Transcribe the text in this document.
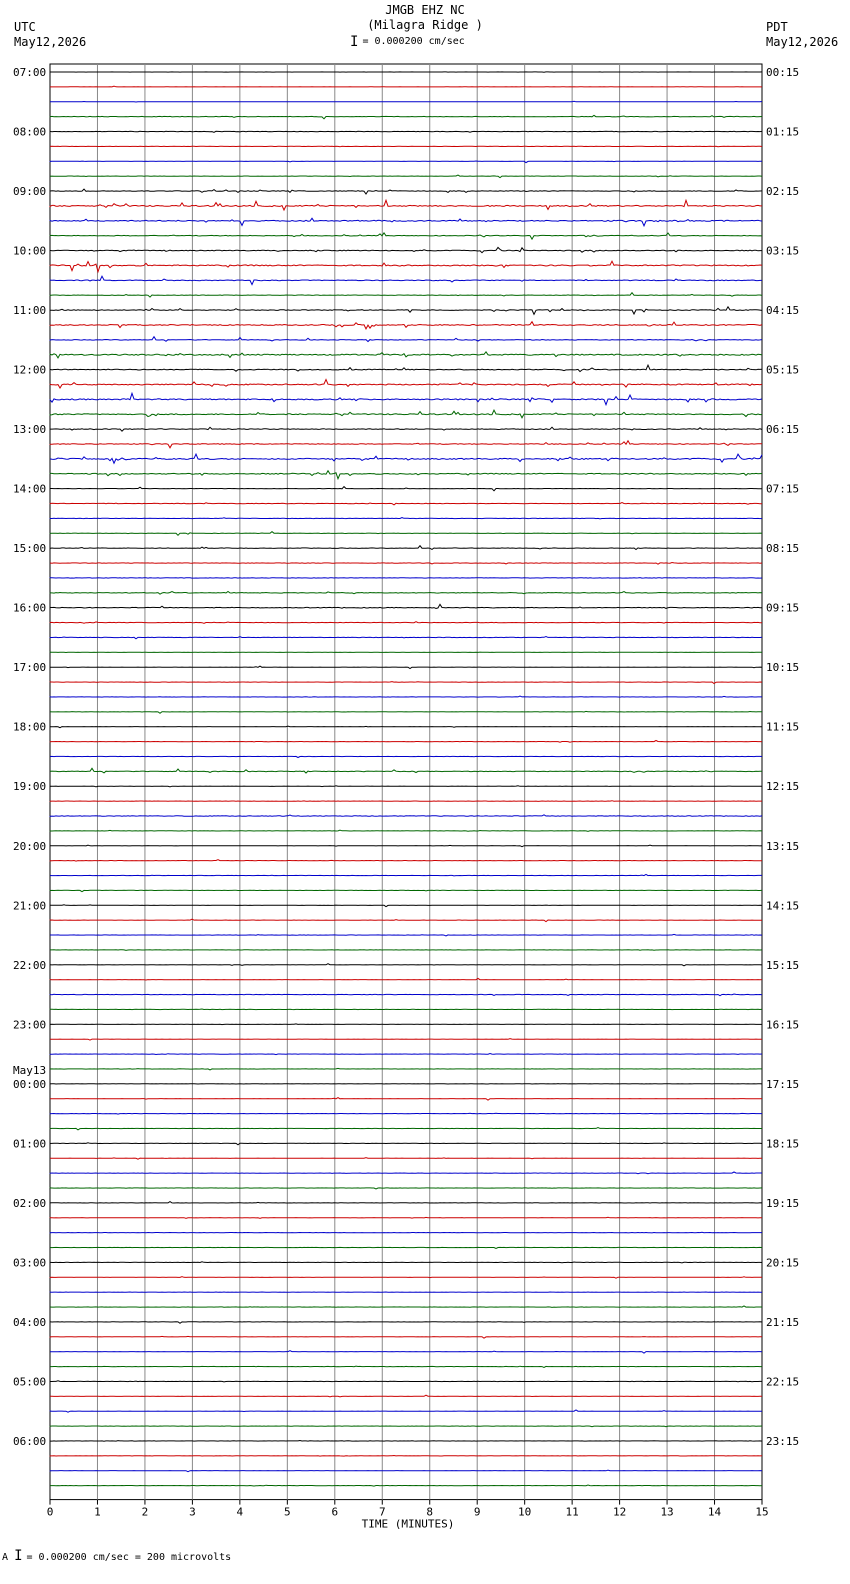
JMGB EHZ NC
(Milagra Ridge )
I = 0.000200 cm/sec
UTC
May12,2026
PDT
May12,2026
07:00
08:00
09:00
10:00
11:00
12:00
13:00
14:00
15:00
16:00
17:00
18:00
19:00
20:00
21:00
22:00
23:00
May13
00:00
01:00
02:00
03:00
04:00
05:00
06:00
00:15
01:15
02:15
03:15
04:15
05:15
06:15
07:15
08:15
09:15
10:15
11:15
12:15
13:15
14:15
15:15
16:15
17:15
18:15
19:15
20:15
21:15
22:15
23:15
0	1	2	3	4	5	6	7	8	9	10	11	12	13	14	15
TIME (MINUTES)
A I = 0.000200 cm/sec = 200 microvolts
